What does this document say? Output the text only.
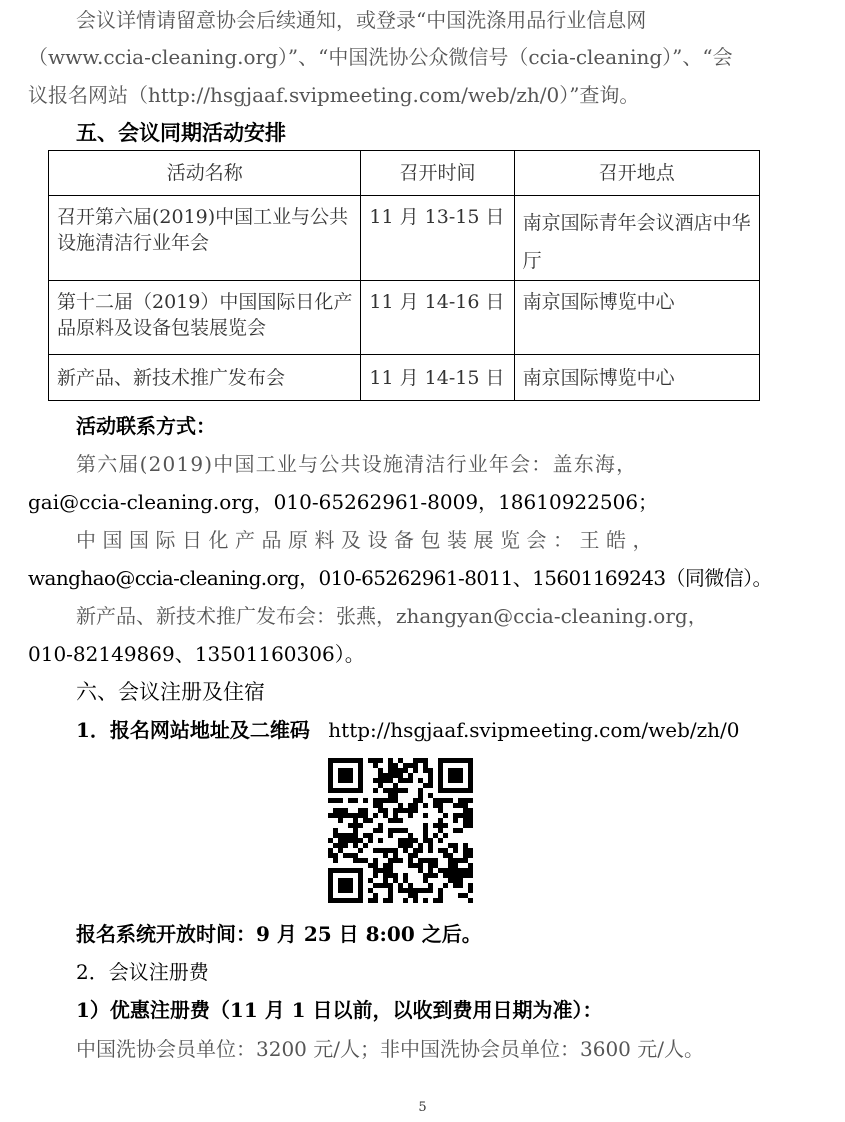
会议详情请留意协会后续通知，或登录“中国洗涤用品行业信息网
（www.ccia-cleaning.org）”、“中国洗协公众微信号（ccia-cleaning）”、“会
议报名网站（http://hsgjaaf.svipmeeting.com/web/zh/0）”查询。
五、会议同期活动安排
活动名称	召开时间	召开地点
召开第六届(2019)中国工业与公共设施清洁行业年会	11 月 13-15 日	南京国际青年会议酒店中华厅
第十二届（2019）中国国际日化产品原料及设备包装展览会	11 月 14-16 日	南京国际博览中心
新产品、新技术推广发布会	11 月 14-15 日	南京国际博览中心
活动联系方式：
第六届(2019)中国工业与公共设施清洁行业年会：盖东海，
gai@ccia-cleaning.org，010-65262961-8009，18610922506；
中国国际日化产品原料及设备包装展览会：王皓，
wanghao@ccia-cleaning.org，010-65262961-8011、15601169243（同微信）。
新产品、新技术推广发布会：张燕，zhangyan@ccia-cleaning.org，
010-82149869、13501160306）。
六、会议注册及住宿
1．报名网站地址及二维码 http://hsgjaaf.svipmeeting.com/web/zh/0
报名系统开放时间：9 月 25 日 8:00 之后。
2．会议注册费
1）优惠注册费（11 月 1 日以前，以收到费用日期为准）：
中国洗协会员单位：3200 元/人；非中国洗协会员单位：3600 元/人。
5
